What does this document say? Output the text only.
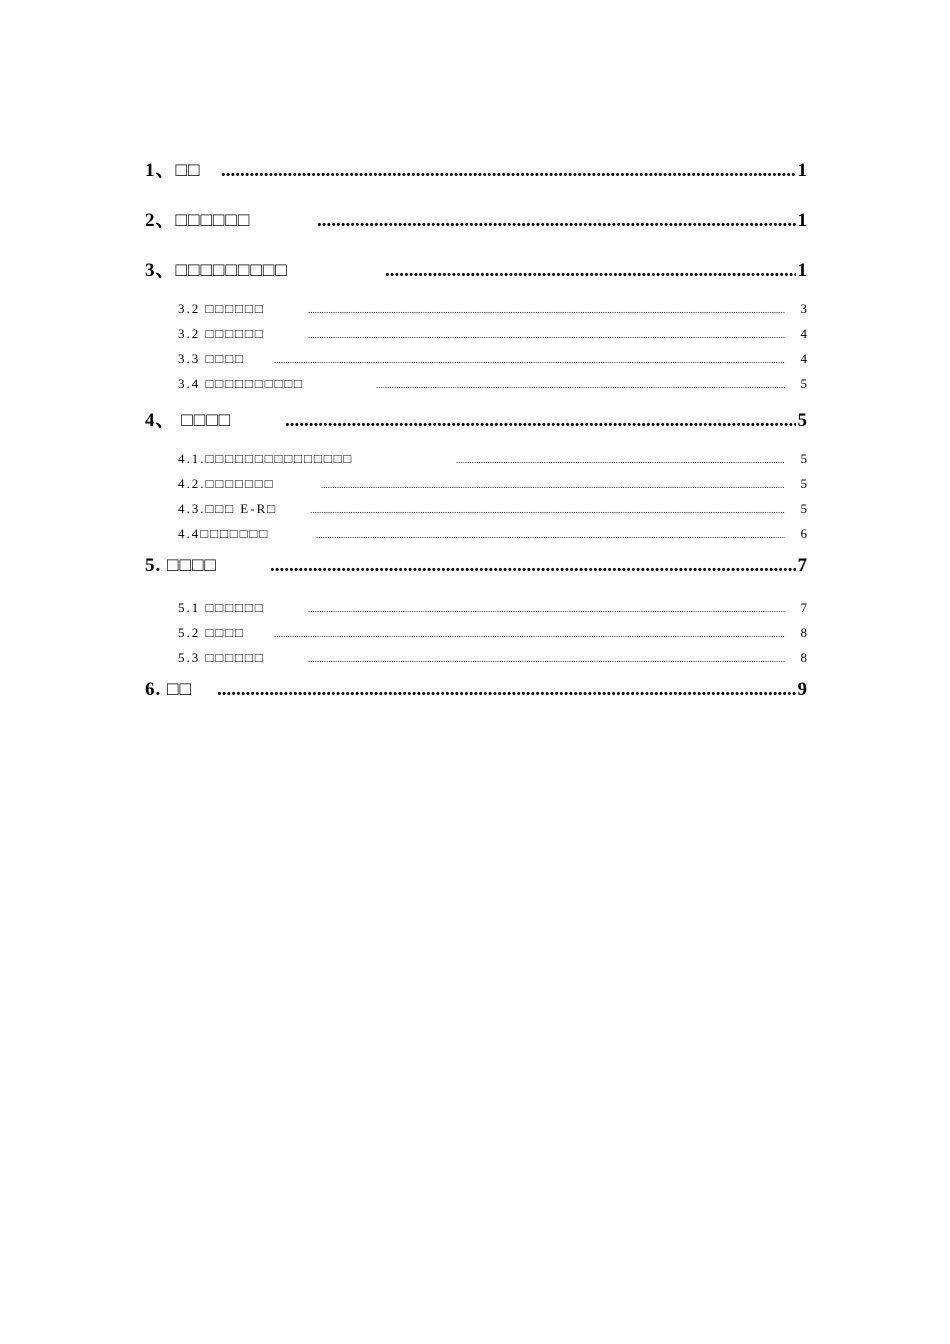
1、□□ .....	1
2、□□□□□□ .....	1
3、□□□□□□□□□ .....	1
3.2 □□□□□□ .....	3
3.2 □□□□□□ .....	4
3.3 □□□□ .....	4
3.4 □□□□□□□□□□ .....	5
4、 □□□□ .....	5
4.1.□□□□□□□□□□□□□□□ .....	5
4.2.□□□□□□□ .....	5
4.3.□□□ E-R□ .....	5
4.4□□□□□□□ .....	6
5. □□□□ .....	7
5.1 □□□□□□ .....	7
5.2 □□□□ .....	8
5.3 □□□□□□ .....	8
6. □□ .....	9
